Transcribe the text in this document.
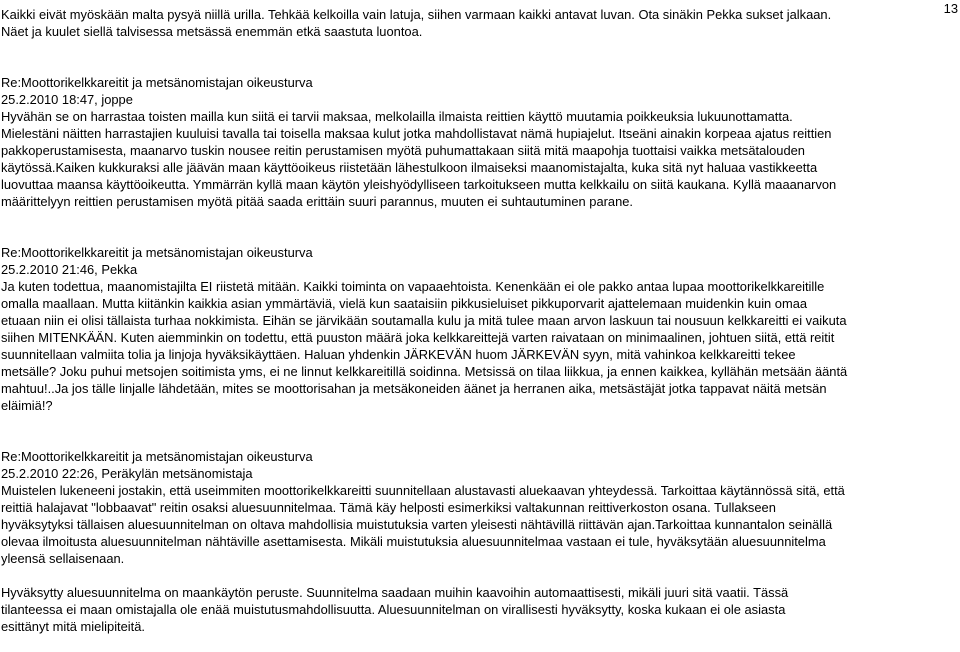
13

Kaikki eivät myöskään malta pysyä niillä urilla. Tehkää kelkoilla vain latuja, siihen varmaan kaikki antavat luvan. Ota sinäkin Pekka sukset jalkaan.

Näet ja kuulet siellä talvisessa metsässä enemmän etkä saastuta luontoa.

Re:Moottorikelkkareitit ja metsänomistajan oikeusturva

25.2.2010 18:47, joppe

Hyvähän se on harrastaa toisten mailla kun siitä ei tarvii maksaa, melkolailla ilmaista reittien käyttö muutamia poikkeuksia lukuunottamatta.

Mielestäni näitten harrastajien kuuluisi tavalla tai toisella maksaa kulut jotka mahdollistavat nämä hupiajelut. Itseäni ainakin korpeaa ajatus reittien

pakkoperustamisesta, maanarvo tuskin nousee reitin perustamisen myötä puhumattakaan siitä mitä maapohja tuottaisi vaikka metsätalouden

käytössä.Kaiken kukkuraksi alle jäävän maan käyttöoikeus riistetään lähestulkoon ilmaiseksi maanomistajalta, kuka sitä nyt haluaa vastikkeetta

luovuttaa maansa käyttöoikeutta. Ymmärrän kyllä maan käytön yleishyödylliseen tarkoitukseen mutta kelkkailu on siitä kaukana. Kyllä maaanarvon

määrittelyyn reittien perustamisen myötä pitää saada erittäin suuri parannus, muuten ei suhtautuminen parane.

Re:Moottorikelkkareitit ja metsänomistajan oikeusturva

25.2.2010 21:46, Pekka

Ja kuten todettua, maanomistajilta EI riistetä mitään. Kaikki toiminta on vapaaehtoista. Kenenkään ei ole pakko antaa lupaa moottorikelkkareitille

omalla maallaan. Mutta kiitänkin kaikkia asian ymmärtäviä, vielä kun saataisiin pikkusieluiset pikkuporvarit ajattelemaan muidenkin kuin omaa

etuaan niin ei olisi tällaista turhaa nokkimista. Eihän se järvikään soutamalla kulu ja mitä tulee maan arvon laskuun tai nousuun kelkkareitti ei vaikuta

siihen MITENKÄÄN. Kuten aiemminkin on todettu, että puuston määrä joka kelkkareittejä varten raivataan on minimaalinen, johtuen siitä, että reitit

suunnitellaan valmiita tolia ja linjoja hyväksikäyttäen. Haluan yhdenkin JÄRKEVÄN huom JÄRKEVÄN syyn, mitä vahinkoa kelkkareitti tekee

metsälle? Joku puhui metsojen soitimista yms, ei ne linnut kelkkareitillä soidinna. Metsissä on tilaa liikkua, ja ennen kaikkea, kyllähän metsään ääntä

mahtuu!..Ja jos tälle linjalle lähdetään, mites se moottorisahan ja metsäkoneiden äänet ja herranen aika, metsästäjät jotka tappavat näitä metsän

eläimiä!?

Re:Moottorikelkkareitit ja metsänomistajan oikeusturva

25.2.2010 22:26, Peräkylän metsänomistaja

Muistelen lukeneeni jostakin, että useimmiten moottorikelkkareitti suunnitellaan alustavasti aluekaavan yhteydessä. Tarkoittaa käytännössä sitä, että

reittiä halajavat "lobbaavat" reitin osaksi aluesuunnitelmaa. Tämä käy helposti esimerkiksi valtakunnan reittiverkoston osana. Tullakseen

hyväksytyksi tällaisen aluesuunnitelman on oltava mahdollisia muistutuksia varten yleisesti nähtävillä riittävän ajan.Tarkoittaa kunnantalon seinällä

olevaa ilmoitusta aluesuunnitelman nähtäville asettamisesta. Mikäli muistutuksia aluesuunnitelmaa vastaan ei tule, hyväksytään aluesuunnitelma

yleensä sellaisenaan.

Hyväksytty aluesuunnitelma on maankäytön peruste. Suunnitelma saadaan muihin kaavoihin automaattisesti, mikäli juuri sitä vaatii. Tässä

tilanteessa ei maan omistajalla ole enää muistutusmahdollisuutta. Aluesuunnitelman on virallisesti hyväksytty, koska kukaan ei ole asiasta

esittänyt mitä mielipiteitä.
